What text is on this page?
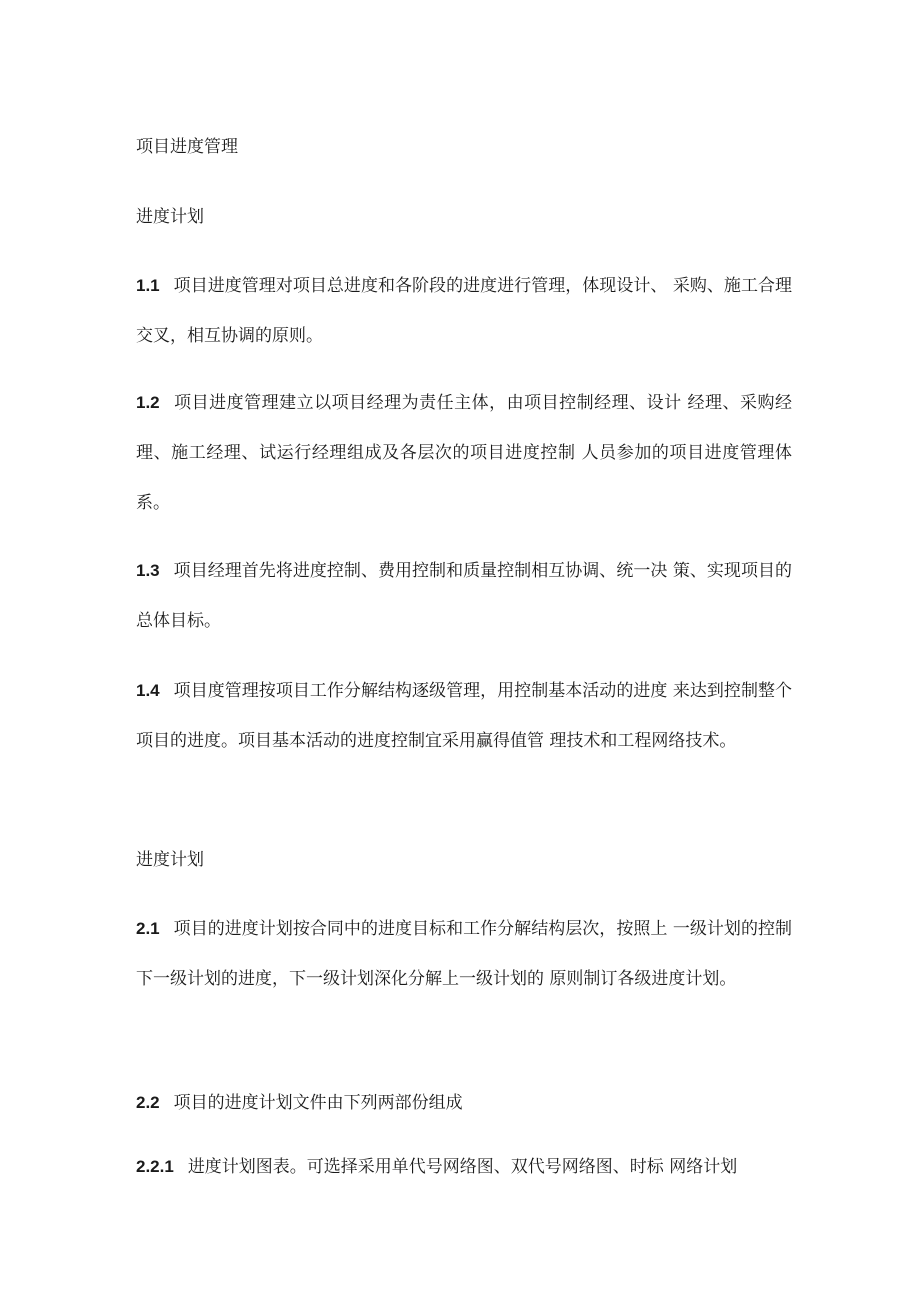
项目进度管理
进度计划

1.1 项目进度管理对项目总进度和各阶段的进度进行管理，体现设计、 采购、施工合理交叉，相互协调的原则。

1.2 项目进度管理建立以项目经理为责任主体，由项目控制经理、设计 经理、采购经理、施工经理、试运行经理组成及各层次的项目进度控制 人员参加的项目进度管理体系。

1.3 项目经理首先将进度控制、费用控制和质量控制相互协调、统一决 策、实现项目的总体目标。

1.4 项目度管理按项目工作分解结构逐级管理，用控制基本活动的进度 来达到控制整个项目的进度。项目基本活动的进度控制宜采用赢得值管 理技术和工程网络技术。

进度计划

2.1 项目的进度计划按合同中的进度目标和工作分解结构层次，按照上 一级计划的控制下一级计划的进度，下一级计划深化分解上一级计划的 原则制订各级进度计划。

2.2 项目的进度计划文件由下列两部份组成

2.2.1 进度计划图表。可选择采用单代号网络图、双代号网络图、时标 网络计划
